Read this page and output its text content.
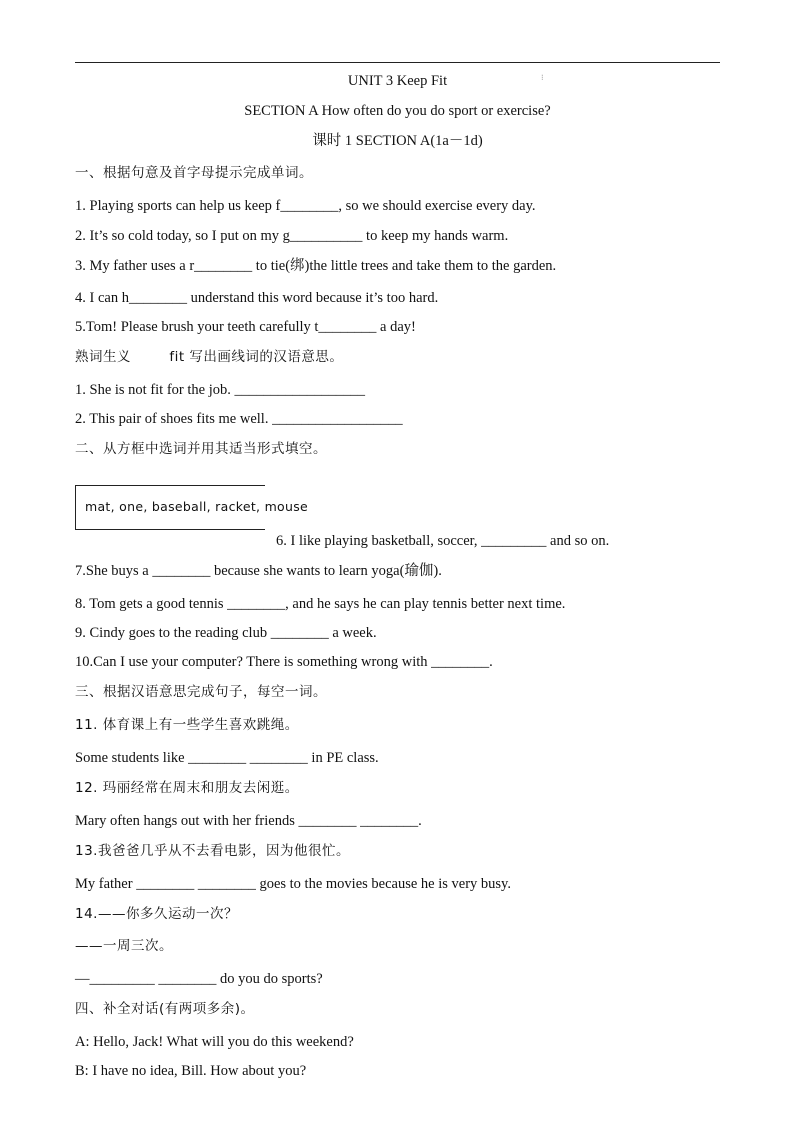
⁝
UNIT 3 Keep Fit
SECTION A How often do you do sport or exercise?
课时 1 SECTION A(1a－1d)
一、根据句意及首字母提示完成单词。
1. Playing sports can help us keep f________, so we should exercise every day.
2. It’s so cold today, so I put on my g__________ to keep my hands warm.
3. My father uses a r________ to tie(绑)the little trees and take them to the garden.
4. I can h________ understand this word because it’s too hard.
5.Tom! Please brush your teeth carefully t________ a day!
熟词生义        fit 写出画线词的汉语意思。
1. She is not fit for the job. __________________
2. This pair of shoes fits me well. __________________
二、从方框中选词并用其适当形式填空。
mat, one, baseball, racket, mouse
6. I like playing basketball, soccer, _________ and so on.
7.She buys a ________ because she wants to learn yoga(瑜伽).
8. Tom gets a good tennis ________, and he says he can play tennis better next time.
9. Cindy goes to the reading club ________ a week.
10.Can I use your computer? There is something wrong with ________.
三、根据汉语意思完成句子，每空一词。
11. 体育课上有一些学生喜欢跳绳。
Some students like ________ ________ in PE class.
12. 玛丽经常在周末和朋友去闲逛。
Mary often hangs out with her friends ________ ________.
13.我爸爸几乎从不去看电影，因为他很忙。
My father ________ ________ goes to the movies because he is very busy.
14.——你多久运动一次？
——一周三次。
—_________ ________ do you do sports?
四、补全对话(有两项多余)。
A: Hello, Jack! What will you do this weekend?
B: I have no idea, Bill. How about you?
